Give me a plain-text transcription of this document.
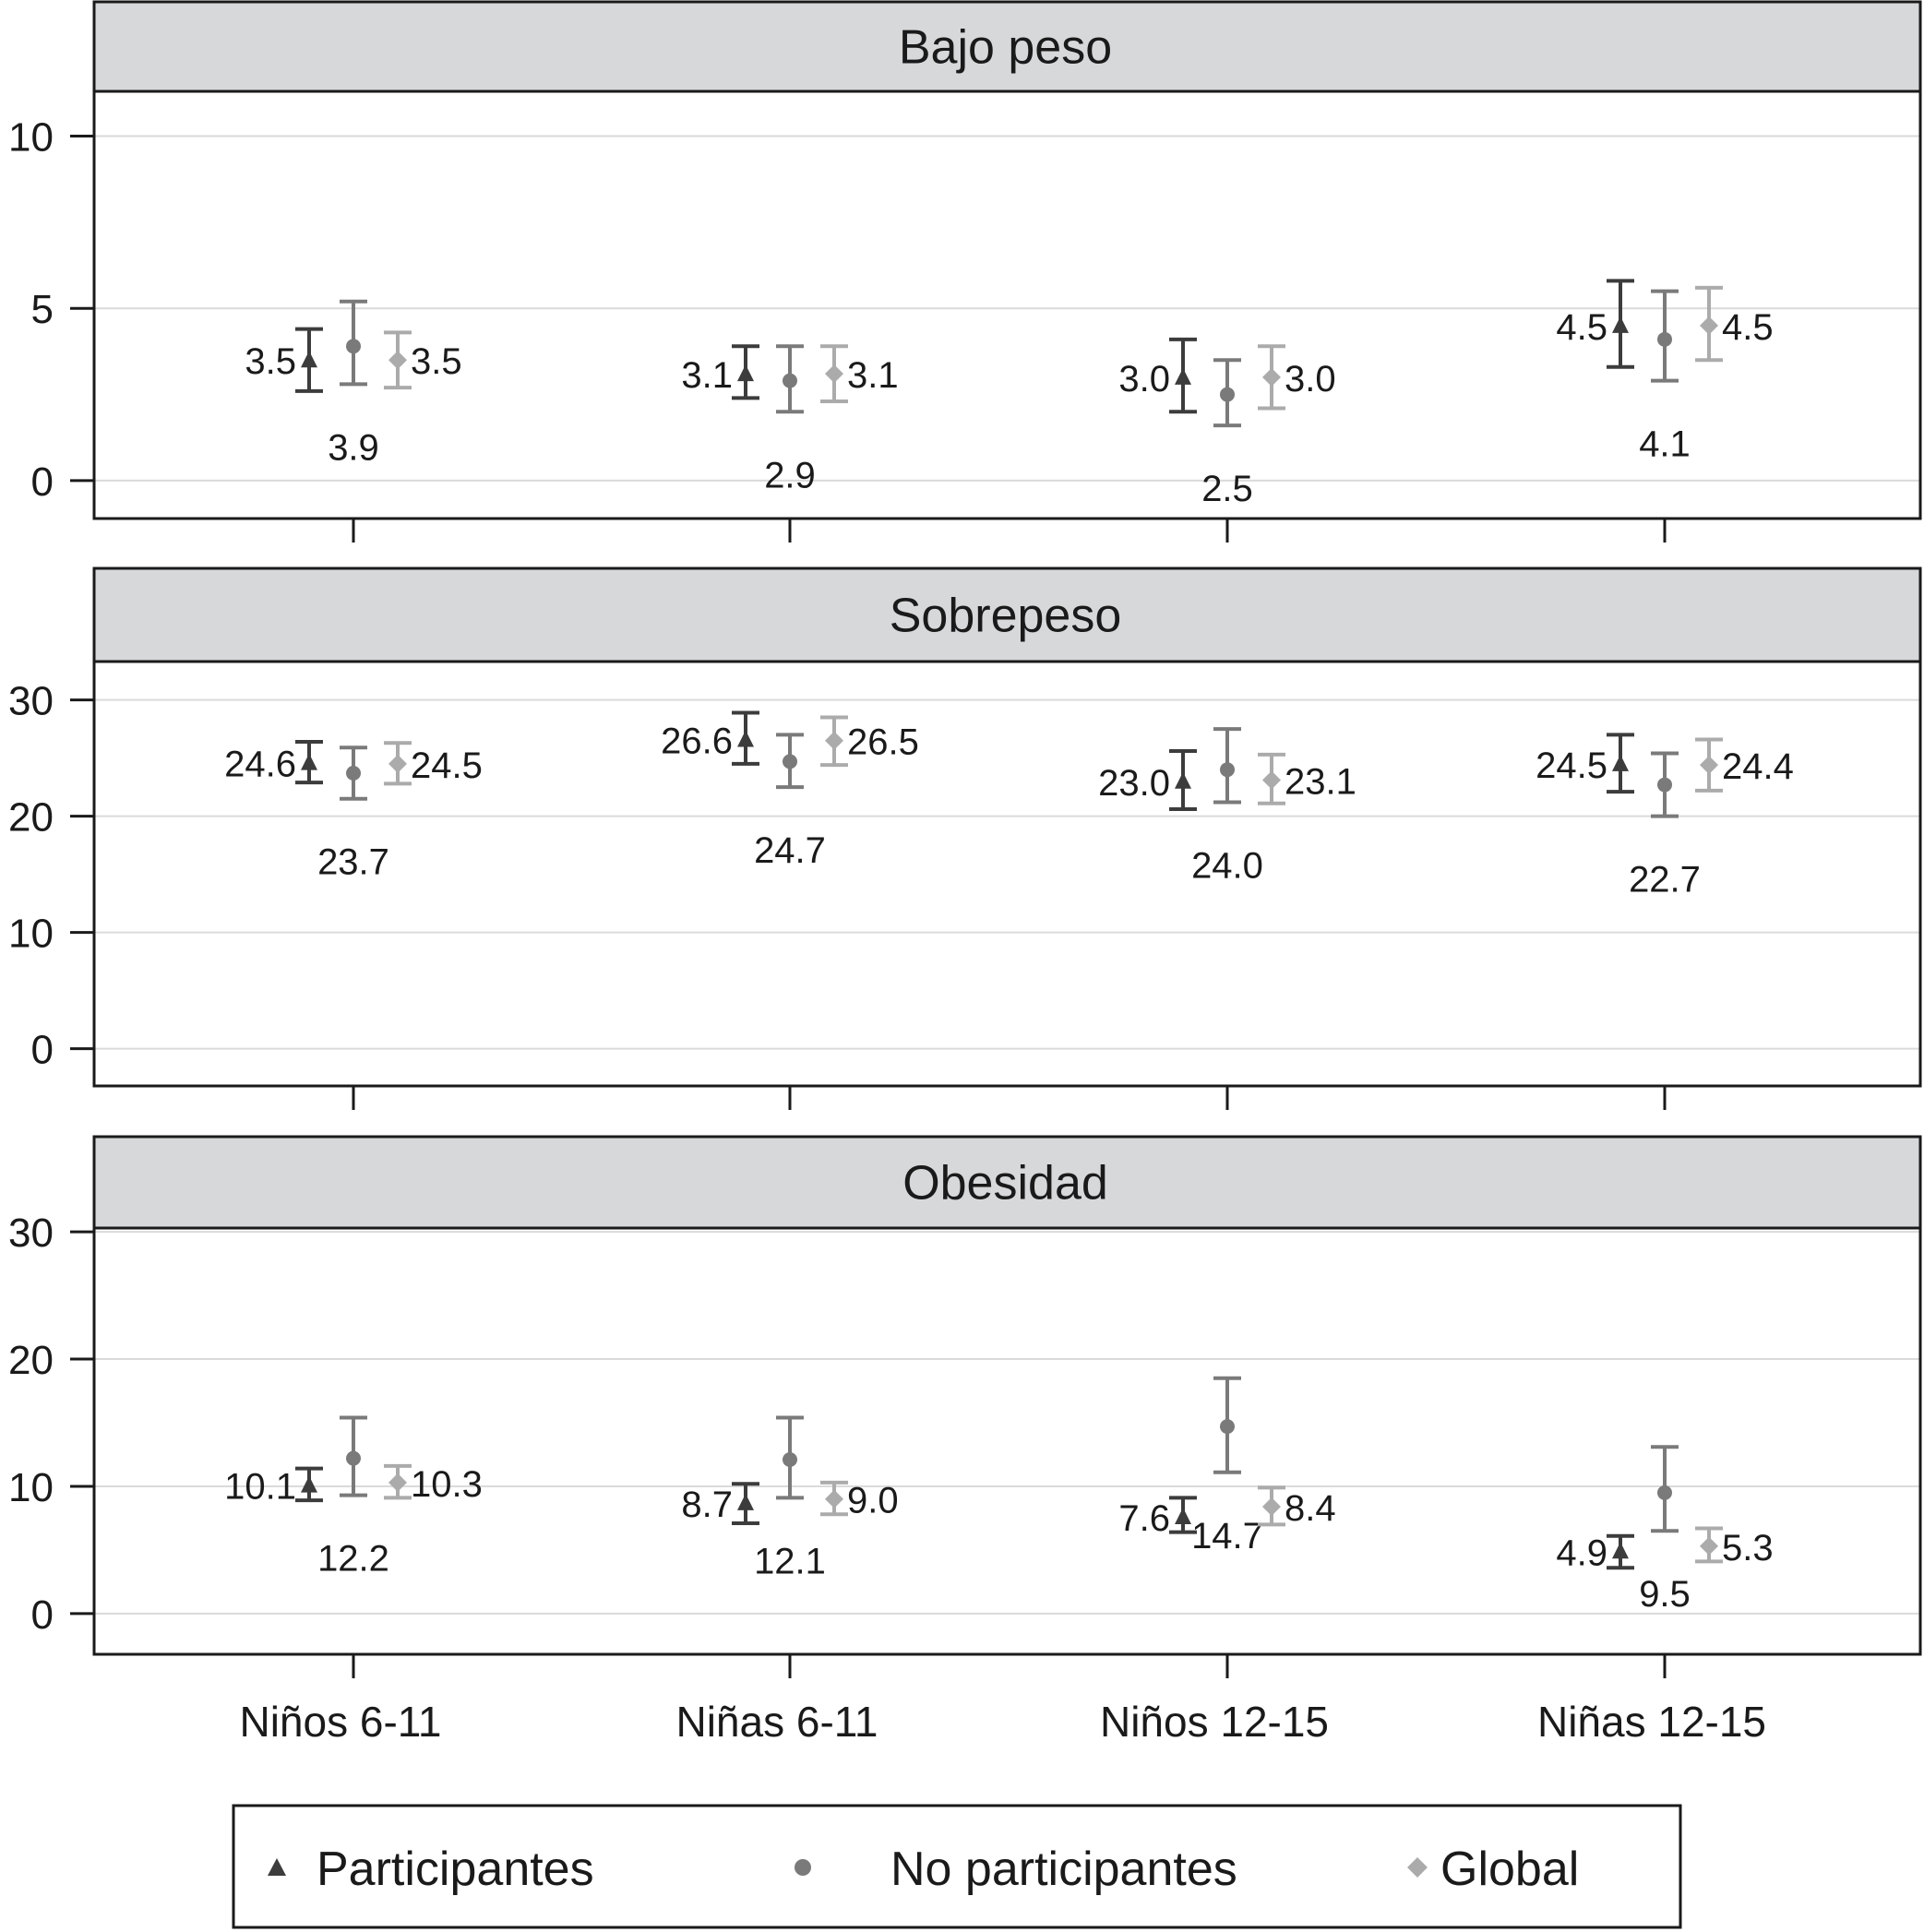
0
5
10
Bajo peso
3.5	3.1	3.0
4.5
3.9
2.9	2.5
4.1
3.5	3.1	3.0
4.5
0
10
20
30
Sobrepeso
24.6
26.6
23.0	24.5
23.7	24.7	24.0	22.7
24.5
26.5
23.1	24.4
0
10
20
30
Obesidad
10.1	8.7	7.6
4.9
12.2	12.1
14.7
9.5
10.3	9.0	8.4
5.3
Niños 6-11	Niñas 6-11	Niños 12-15	Niñas 12-15
Participantes	No participantes	Global
